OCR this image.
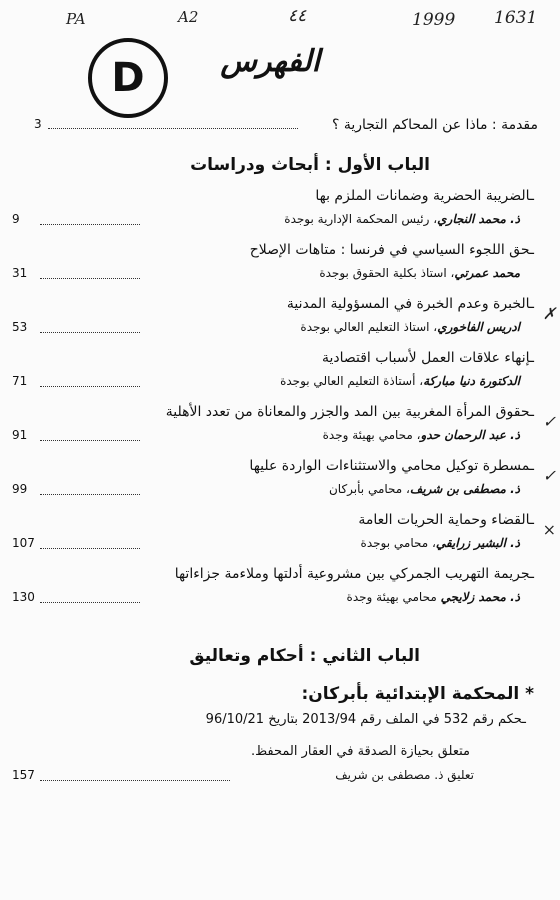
PA	A2	٤٤	1999 1631
D	الفهرس
مقدمة : ماذا عن المحاكم التجارية ؟
3
الباب الأول : أبحاث ودراسات
ـالضريبة الحضرية وضمانات الملزم بها
ذ. محمد النجاري، رئيس المحكمة الإدارية بوجدة
9
ـحق اللجوء السياسي في فرنسا : متاهات الإصلاح
محمد عمرتي، استاذ بكلية الحقوق بوجدة
31
ـالخبرة وعدم الخبرة في المسؤولية المدنية
ادريس الفاخوري، استاذ التعليم العالي بوجدة
53
✗
ـإنهاء علاقات العمل لأسباب اقتصادية
الدكتورة دنيا مباركة، أستاذة التعليم العالي بوجدة
71
ـحقوق المرأة المغربية بين المد والجزر والمعاناة من تعدد الأهلية
ذ. عبد الرحمان حدو، محامي بهيئة وجدة
91
✓
ـمسطرة توكيل محامي والاستثناءات الواردة عليها
ذ. مصطفى بن شريف، محامي بأبركان
99
✓
ـالقضاء وحماية الحريات العامة
ذ. البشير زرايقي، محامي بوجدة
107
×
ـجريمة التهريب الجمركي بين مشروعية أدلتها وملاءمة جزاءاتها
ذ. محمد زلايجي محامي بهيئة وجدة
130
الباب الثاني : أحكام وتعاليق
* المحكمة الإبتدائية بأبركان:
ـحكم رقم 532 في الملف رقم 2013/94 بتاريخ 96/10/21
متعلق بحيازة الصدقة في العقار المحفظ.
تعليق ذ. مصطفى بن شريف
157
